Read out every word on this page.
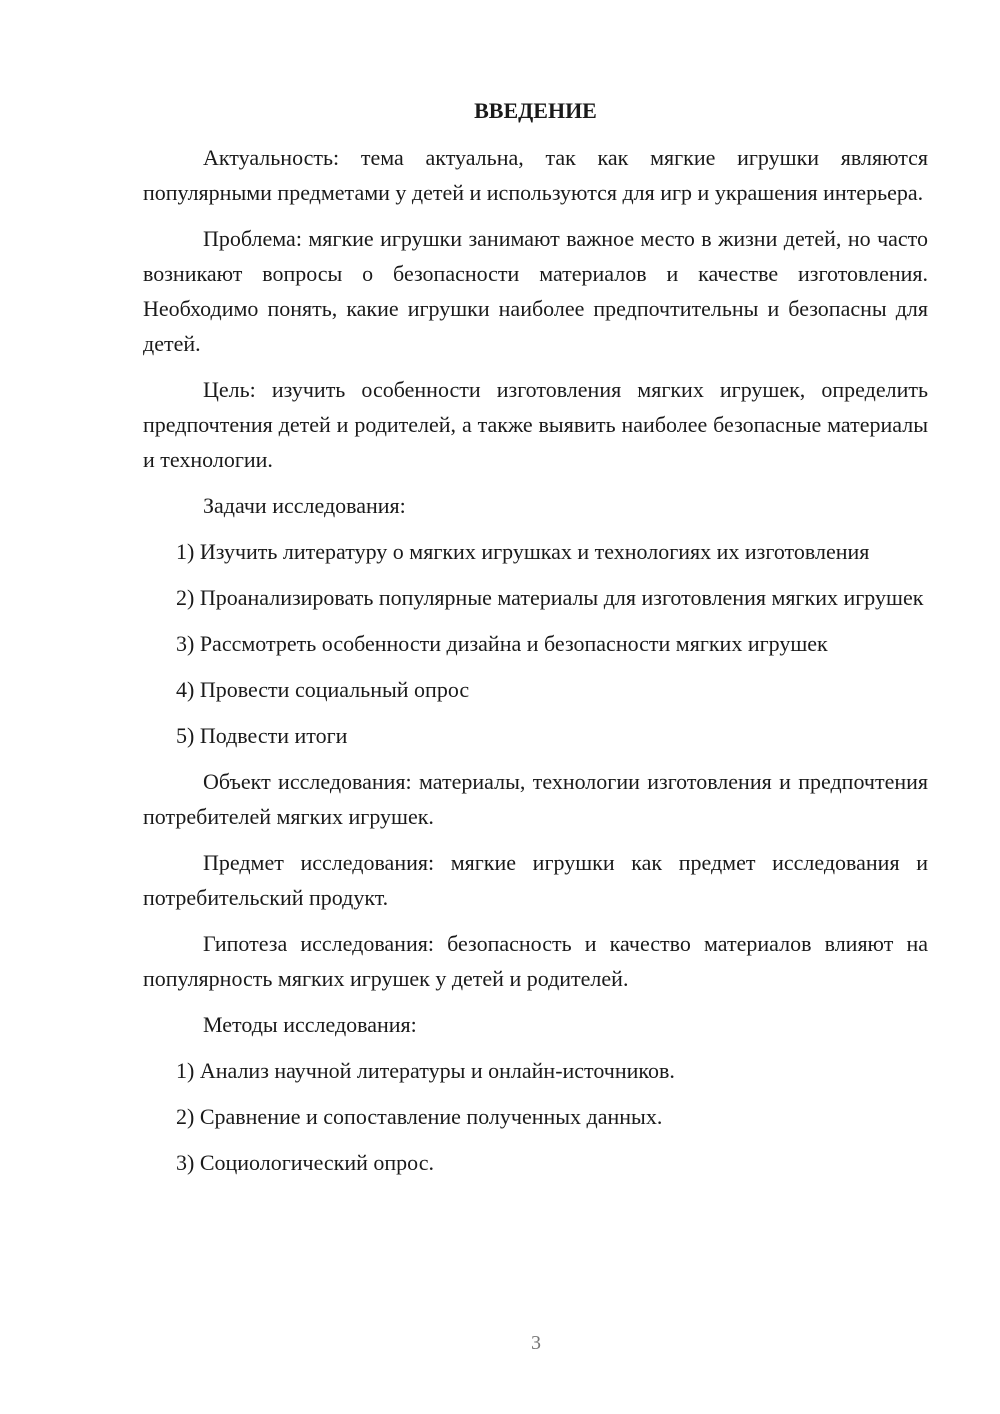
ВВЕДЕНИЕ

Актуальность: тема актуальна, так как мягкие игрушки являются популярными предметами у детей и используются для игр и украшения интерьера.

Проблема: мягкие игрушки занимают важное место в жизни детей, но часто возникают вопросы о безопасности материалов и качестве изготовления. Необходимо понять, какие игрушки наиболее предпочтительны и безопасны для детей.

Цель: изучить особенности изготовления мягких игрушек, определить предпочтения детей и родителей, а также выявить наиболее безопасные материалы и технологии.

Задачи исследования:

1) Изучить литературу о мягких игрушках и технологиях их изготовления

2) Проанализировать популярные материалы для изготовления мягких игрушек

3) Рассмотреть особенности дизайна и безопасности мягких игрушек

4) Провести социальный опрос

5) Подвести итоги

Объект исследования: материалы, технологии изготовления и предпочтения потребителей мягких игрушек.

Предмет исследования: мягкие игрушки как предмет исследования и потребительский продукт.

Гипотеза исследования: безопасность и качество материалов влияют на популярность мягких игрушек у детей и родителей.

Методы исследования:

1) Анализ научной литературы и онлайн-источников.

2) Сравнение и сопоставление полученных данных.

3) Социологический опрос.

3
